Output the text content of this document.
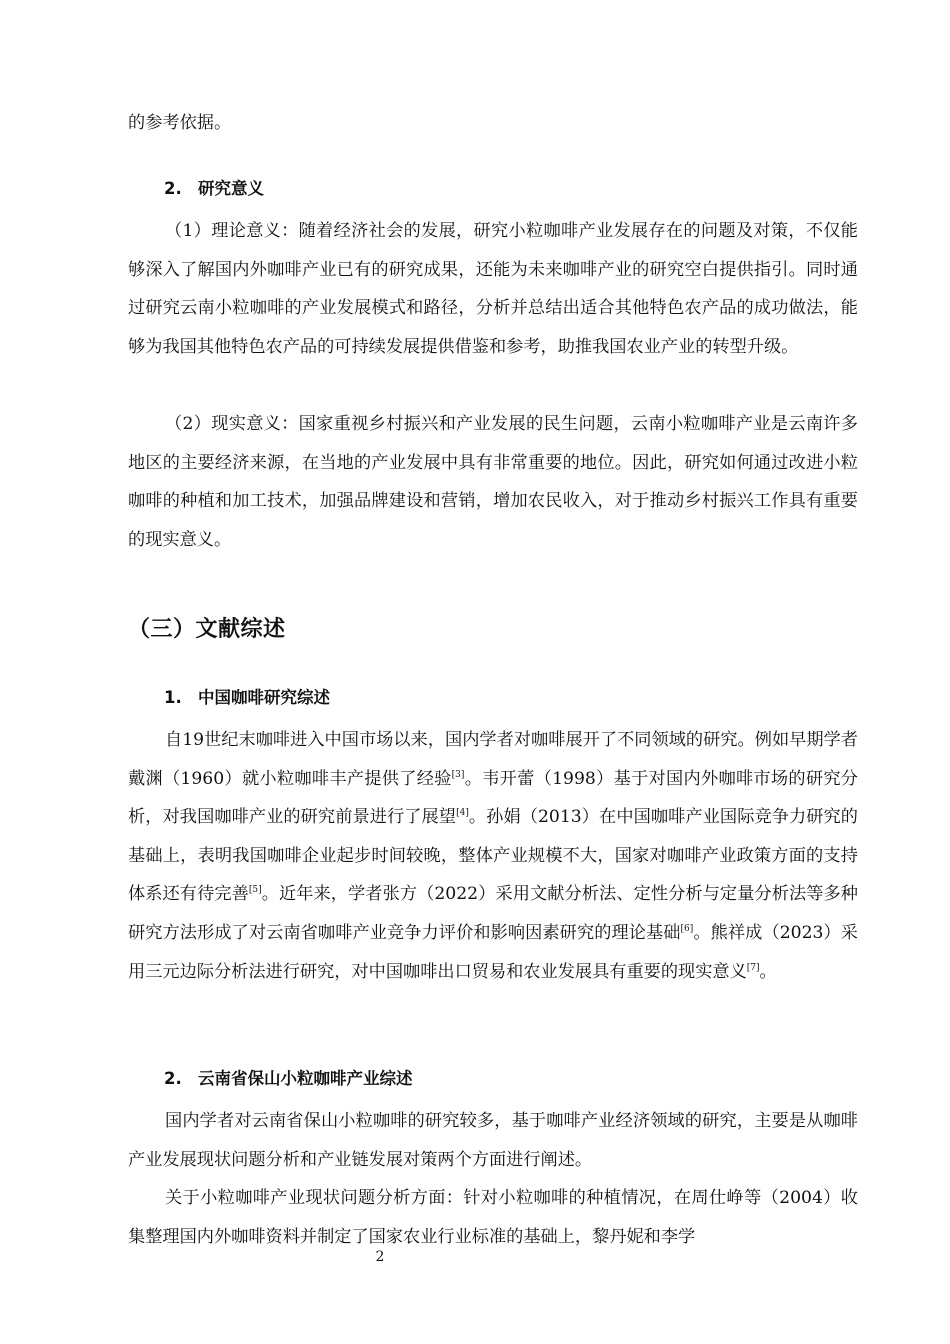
的参考依据。

2. 研究意义

（1）理论意义：随着经济社会的发展，研究小粒咖啡产业发展存在的问题及对策，不仅能够深入了解国内外咖啡产业已有的研究成果，还能为未来咖啡产业的研究空白提供指引。同时通过研究云南小粒咖啡的产业发展模式和路径，分析并总结出适合其他特色农产品的成功做法，能够为我国其他特色农产品的可持续发展提供借鉴和参考，助推我国农业产业的转型升级。

（2）现实意义：国家重视乡村振兴和产业发展的民生问题，云南小粒咖啡产业是云南许多地区的主要经济来源，在当地的产业发展中具有非常重要的地位。因此，研究如何通过改进小粒咖啡的种植和加工技术，加强品牌建设和营销，增加农民收入，对于推动乡村振兴工作具有重要的现实意义。

（三）文献综述
1. 中国咖啡研究综述

自19世纪末咖啡进入中国市场以来，国内学者对咖啡展开了不同领域的研究。例如早期学者戴渊（1960）就小粒咖啡丰产提供了经验[3]。韦开蕾（1998）基于对国内外咖啡市场的研究分析，对我国咖啡产业的研究前景进行了展望[4]。孙娟（2013）在中国咖啡产业国际竞争力研究的基础上，表明我国咖啡企业起步时间较晚，整体产业规模不大，国家对咖啡产业政策方面的支持体系还有待完善[5]。近年来，学者张方（2022）采用文献分析法、定性分析与定量分析法等多种研究方法形成了对云南省咖啡产业竞争力评价和影响因素研究的理论基础[6]。熊祥成（2023）采用三元边际分析法进行研究，对中国咖啡出口贸易和农业发展具有重要的现实意义[7]。

2. 云南省保山小粒咖啡产业综述

国内学者对云南省保山小粒咖啡的研究较多，基于咖啡产业经济领域的研究，主要是从咖啡产业发展现状问题分析和产业链发展对策两个方面进行阐述。

关于小粒咖啡产业现状问题分析方面：针对小粒咖啡的种植情况，在周仕峥等（2004）收集整理国内外咖啡资料并制定了国家农业行业标准的基础上，黎丹妮和李学

2
